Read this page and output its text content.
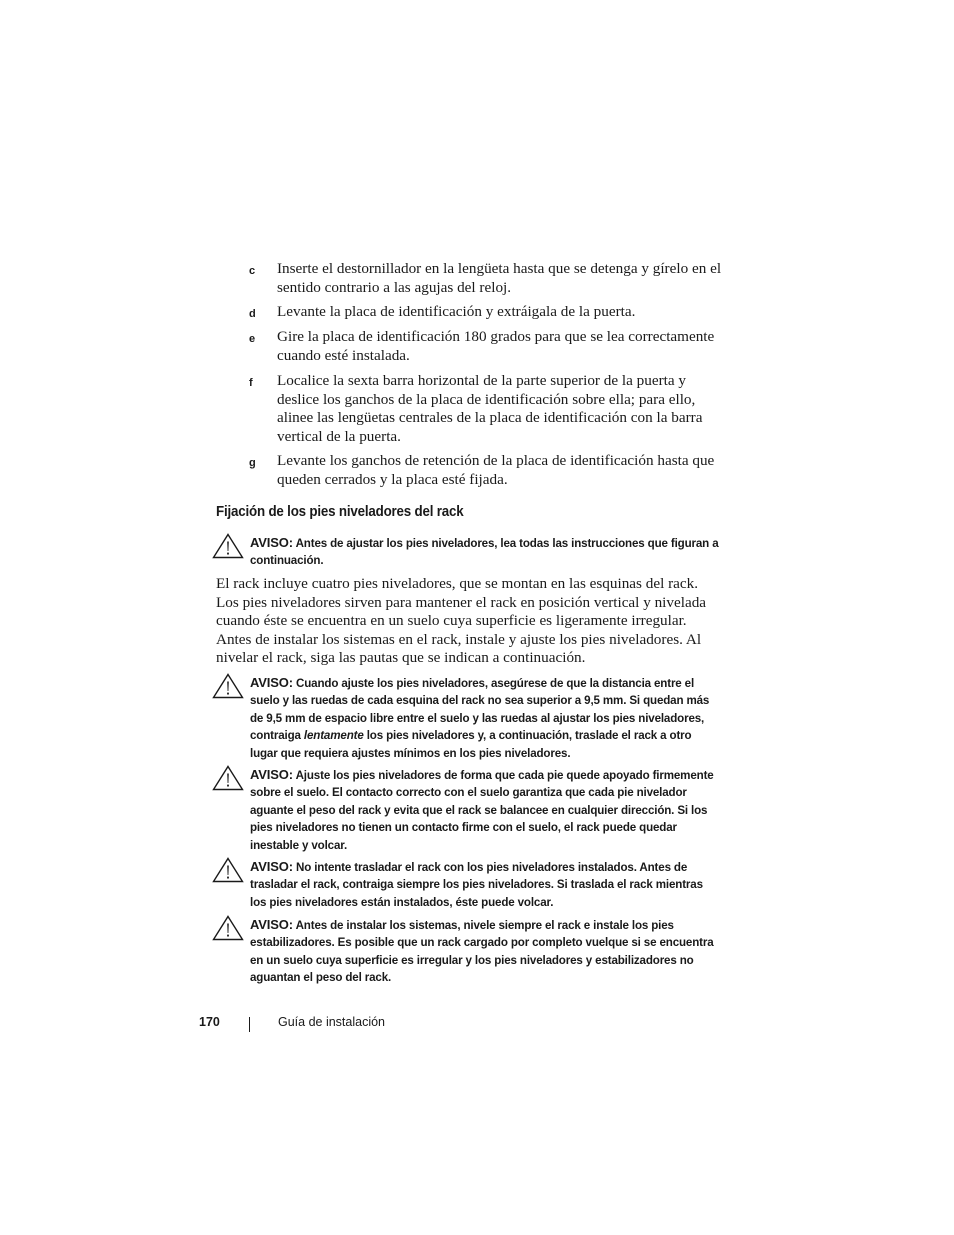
c Inserte el destornillador en la lengüeta hasta que se detenga y gírelo en el sentido contrario a las agujas del reloj.
d Levante la placa de identificación y extráigala de la puerta.
e Gire la placa de identificación 180 grados para que se lea correctamente cuando esté instalada.
f Localice la sexta barra horizontal de la parte superior de la puerta y deslice los ganchos de la placa de identificación sobre ella; para ello, alinee las lengüetas centrales de la placa de identificación con la barra vertical de la puerta.
g Levante los ganchos de retención de la placa de identificación hasta que queden cerrados y la placa esté fijada.
Fijación de los pies niveladores del rack
AVISO: Antes de ajustar los pies niveladores, lea todas las instrucciones que figuran a continuación.
El rack incluye cuatro pies niveladores, que se montan en las esquinas del rack. Los pies niveladores sirven para mantener el rack en posición vertical y nivelada cuando éste se encuentra en un suelo cuya superficie es ligeramente irregular. Antes de instalar los sistemas en el rack, instale y ajuste los pies niveladores. Al nivelar el rack, siga las pautas que se indican a continuación.
AVISO: Cuando ajuste los pies niveladores, asegúrese de que la distancia entre el suelo y las ruedas de cada esquina del rack no sea superior a 9,5 mm. Si quedan más de 9,5 mm de espacio libre entre el suelo y las ruedas al ajustar los pies niveladores, contraiga lentamente los pies niveladores y, a continuación, traslade el rack a otro lugar que requiera ajustes mínimos en los pies niveladores.
AVISO: Ajuste los pies niveladores de forma que cada pie quede apoyado firmemente sobre el suelo. El contacto correcto con el suelo garantiza que cada pie nivelador aguante el peso del rack y evita que el rack se balancee en cualquier dirección. Si los pies niveladores no tienen un contacto firme con el suelo, el rack puede quedar inestable y volcar.
AVISO: No intente trasladar el rack con los pies niveladores instalados. Antes de trasladar el rack, contraiga siempre los pies niveladores. Si traslada el rack mientras los pies niveladores están instalados, éste puede volcar.
AVISO: Antes de instalar los sistemas, nivele siempre el rack e instale los pies estabilizadores. Es posible que un rack cargado por completo vuelque si se encuentra en un suelo cuya superficie es irregular y los pies niveladores y estabilizadores no aguantan el peso del rack.
170	Guía de instalación
